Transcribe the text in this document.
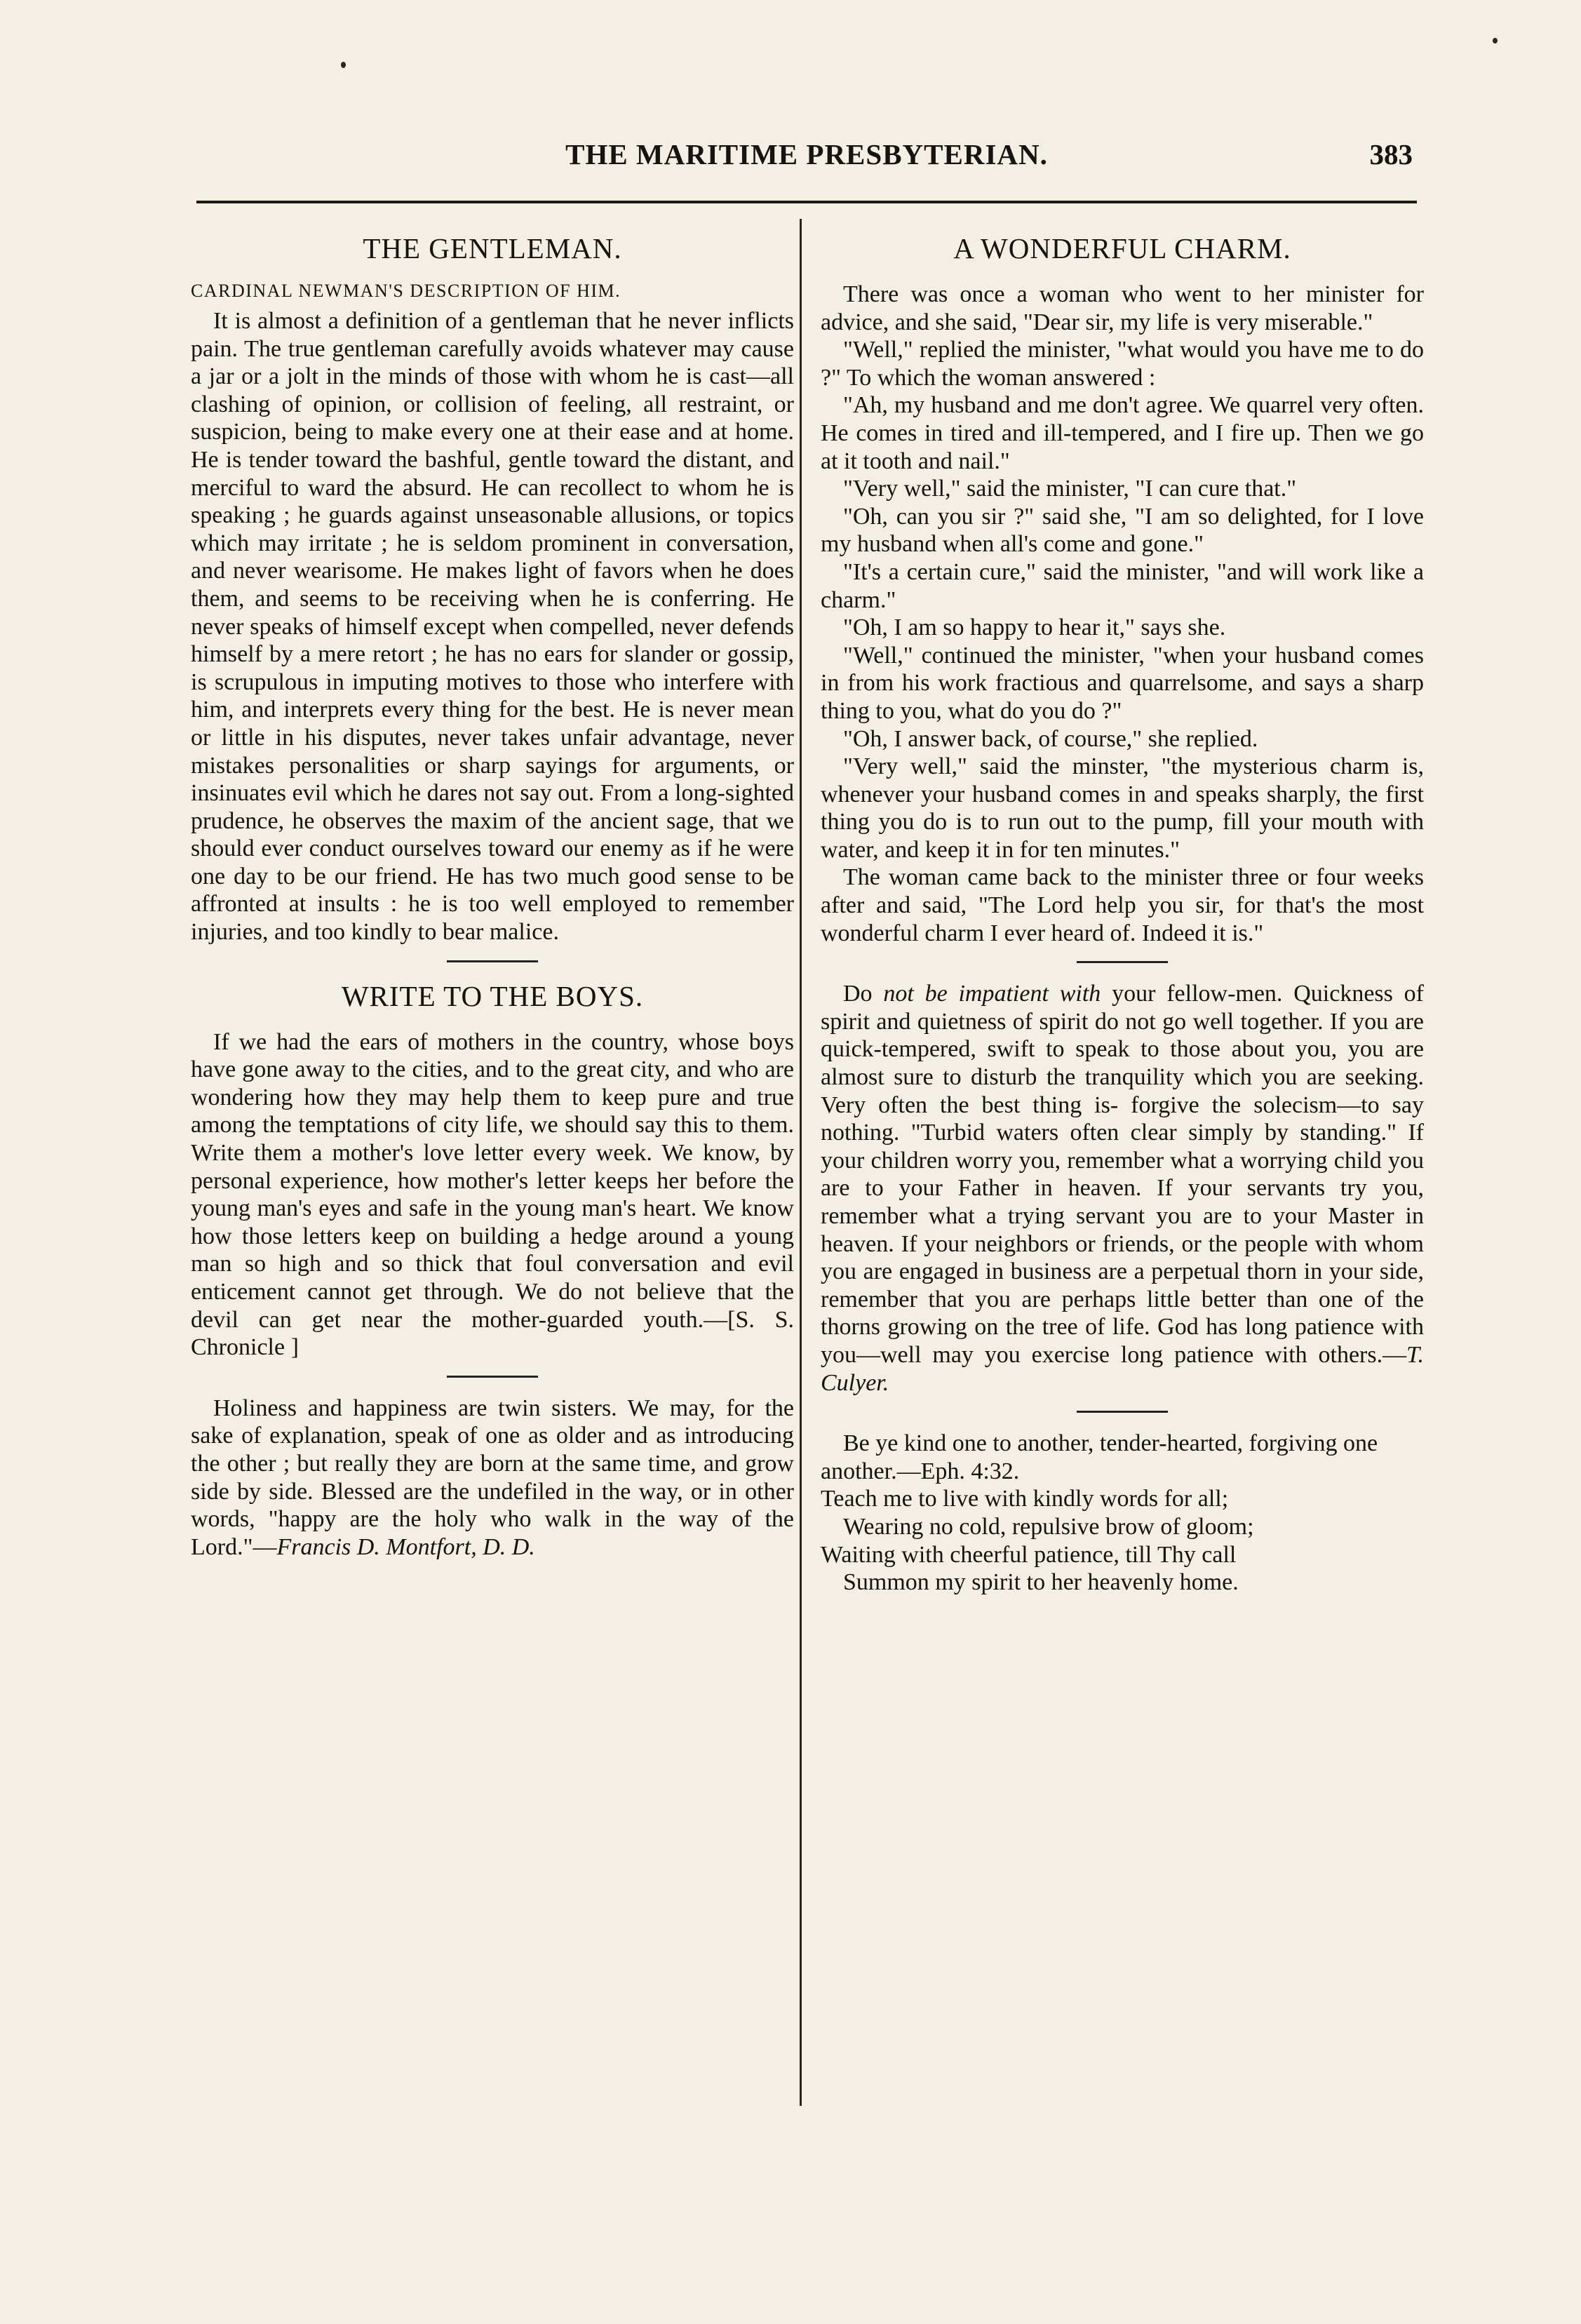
THE MARITIME PRESBYTERIAN.	383
THE GENTLEMAN.
CARDINAL NEWMAN'S DESCRIPTION OF HIM.

It is almost a definition of a gentleman that he never inflicts pain. The true gentleman carefully avoids whatever may cause a jar or a jolt in the minds of those with whom he is cast—all clashing of opinion, or collision of feeling, all restraint, or suspicion, being to make every one at their ease and at home. He is tender toward the bashful, gentle toward the distant, and merciful to ward the absurd. He can recollect to whom he is speaking ; he guards against unseasonable allusions, or topics which may irritate ; he is seldom prominent in conversation, and never wearisome. He makes light of favors when he does them, and seems to be receiving when he is conferring. He never speaks of himself except when compelled, never defends himself by a mere retort ; he has no ears for slander or gossip, is scrupulous in imputing motives to those who interfere with him, and interprets every thing for the best. He is never mean or little in his disputes, never takes unfair advantage, never mistakes personalities or sharp sayings for arguments, or insinuates evil which he dares not say out. From a long-sighted prudence, he observes the maxim of the ancient sage, that we should ever conduct ourselves toward our enemy as if he were one day to be our friend. He has two much good sense to be affronted at insults : he is too well employed to remember injuries, and too kindly to bear malice.

WRITE TO THE BOYS.

If we had the ears of mothers in the country, whose boys have gone away to the cities, and to the great city, and who are wondering how they may help them to keep pure and true among the temptations of city life, we should say this to them. Write them a mother's love letter every week. We know, by personal experience, how mother's letter keeps her before the young man's eyes and safe in the young man's heart. We know how those letters keep on building a hedge around a young man so high and so thick that foul conversation and evil enticement cannot get through. We do not believe that the devil can get near the mother-guarded youth.—[S. S. Chronicle ]

Holiness and happiness are twin sisters. We may, for the sake of explanation, speak of one as older and as introducing the other ; but really they are born at the same time, and grow side by side. Blessed are the undefiled in the way, or in other words, "happy are the holy who walk in the way of the Lord."—Francis D. Montfort, D. D.

A WONDERFUL CHARM.

There was once a woman who went to her minister for advice, and she said, "Dear sir, my life is very miserable."

"Well," replied the minister, "what would you have me to do ?" To which the woman answered :

"Ah, my husband and me don't agree. We quarrel very often. He comes in tired and ill-tempered, and I fire up. Then we go at it tooth and nail."

"Very well," said the minister, "I can cure that."

"Oh, can you sir ?" said she, "I am so delighted, for I love my husband when all's come and gone."

"It's a certain cure," said the minister, "and will work like a charm."

"Oh, I am so happy to hear it," says she.

"Well," continued the minister, "when your husband comes in from his work fractious and quarrelsome, and says a sharp thing to you, what do you do ?"

"Oh, I answer back, of course," she replied.

"Very well," said the minster, "the mysterious charm is, whenever your husband comes in and speaks sharply, the first thing you do is to run out to the pump, fill your mouth with water, and keep it in for ten minutes."

The woman came back to the minister three or four weeks after and said, "The Lord help you sir, for that's the most wonderful charm I ever heard of. Indeed it is."

Do not be impatient with your fellow-men. Quickness of spirit and quietness of spirit do not go well together. If you are quick-tempered, swift to speak to those about you, you are almost sure to disturb the tranquility which you are seeking. Very often the best thing is- forgive the solecism—to say nothing. "Turbid waters often clear simply by standing." If your children worry you, remember what a worrying child you are to your Father in heaven. If your servants try you, remember what a trying servant you are to your Master in heaven. If your neighbors or friends, or the people with whom you are engaged in business are a perpetual thorn in your side, remember that you are perhaps little better than one of the thorns growing on the tree of life. God has long patience with you—well may you exercise long patience with others.—T. Culyer.

Be ye kind one to another, tender-hearted, forgiving one another.—Eph. 4:32.

Teach me to live with kindly words for all;

Wearing no cold, repulsive brow of gloom;

Waiting with cheerful patience, till Thy call

Summon my spirit to her heavenly home.
